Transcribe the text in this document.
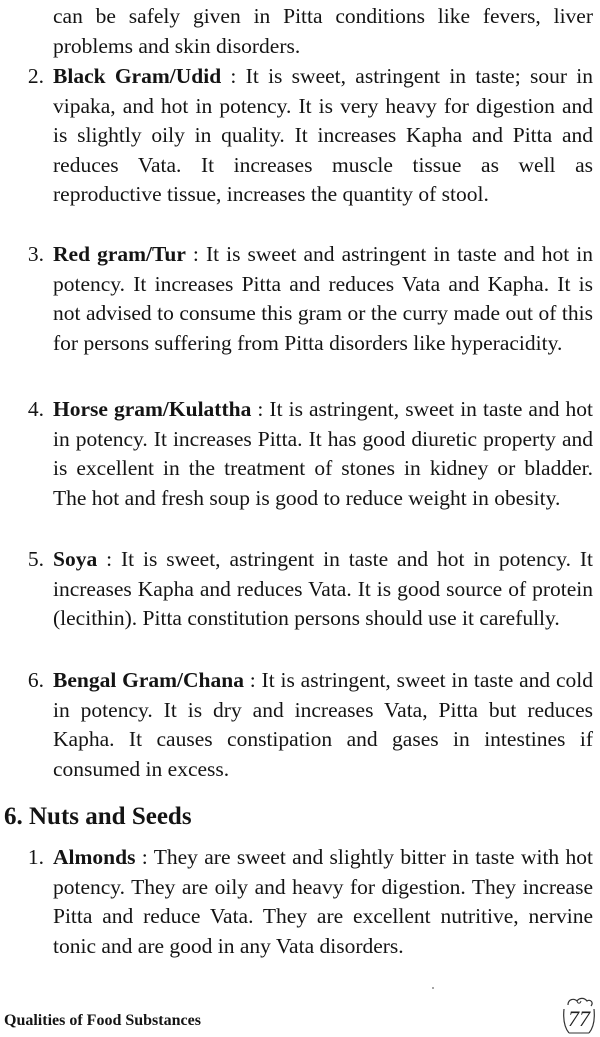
can be safely given in Pitta conditions like fevers, liver problems and skin disorders.

2. Black Gram/Udid : It is sweet, astringent in taste; sour in vipaka, and hot in potency. It is very heavy for digestion and is slightly oily in quality. It increases Kapha and Pitta and reduces Vata. It increases muscle tissue as well as reproductive tissue, increases the quantity of stool.

3. Red gram/Tur : It is sweet and astringent in taste and hot in potency. It increases Pitta and reduces Vata and Kapha. It is not advised to consume this gram or the curry made out of this for persons suffering from Pitta disorders like hyperacidity.

4. Horse gram/Kulattha : It is astringent, sweet in taste and hot in potency. It increases Pitta. It has good diuretic property and is excellent in the treatment of stones in kidney or bladder. The hot and fresh soup is good to reduce weight in obesity.

5. Soya : It is sweet, astringent in taste and hot in potency. It increases Kapha and reduces Vata. It is good source of protein (lecithin). Pitta constitution persons should use it carefully.

6. Bengal Gram/Chana : It is astringent, sweet in taste and cold in potency. It is dry and increases Vata, Pitta but reduces Kapha. It causes constipation and gases in intestines if consumed in excess.

6. Nuts and Seeds
1. Almonds : They are sweet and slightly bitter in taste with hot potency. They are oily and heavy for digestion. They increase Pitta and reduce Vata. They are excellent nutritive, nervine tonic and are good in any Vata disorders.

Qualities of Food Substances	77
